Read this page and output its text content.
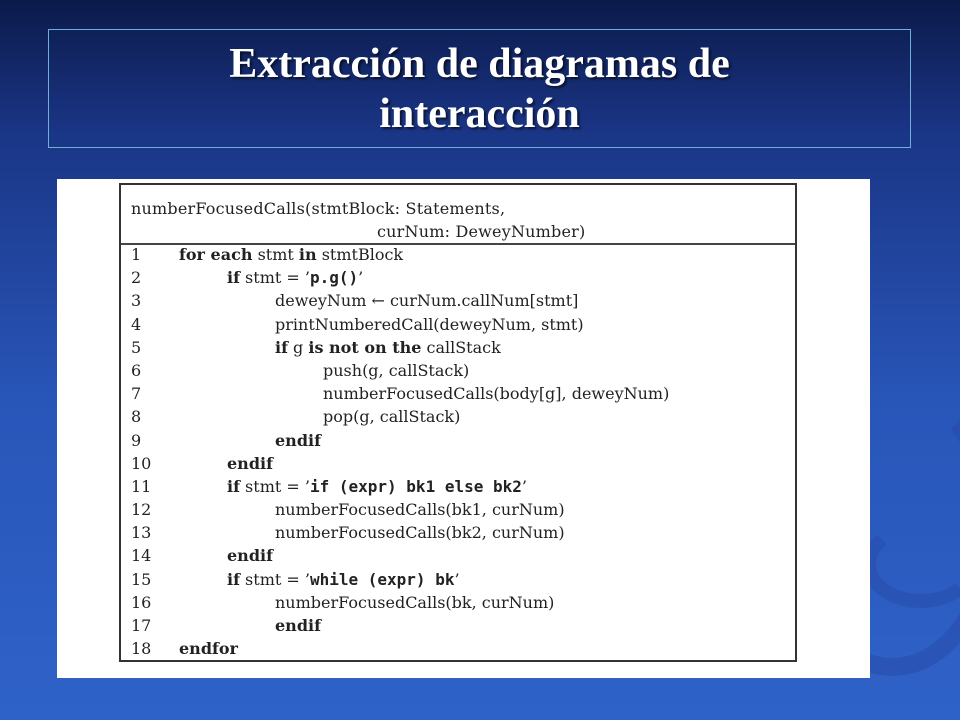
Extracción de diagramas de
interacción
numberFocusedCalls(stmtBlock: Statements,
curNum: DeweyNumber)
1	for each stmt in stmtBlock
2	if stmt = ’p.g()’
3	deweyNum ← curNum.callNum[stmt]
4	printNumberedCall(deweyNum, stmt)
5	if g is not on the callStack
6	push(g, callStack)
7	numberFocusedCalls(body[g], deweyNum)
8	pop(g, callStack)
9	endif
10	endif
11	if stmt = ’if (expr) bk1 else bk2’
12	numberFocusedCalls(bk1, curNum)
13	numberFocusedCalls(bk2, curNum)
14	endif
15	if stmt = ’while (expr) bk’
16	numberFocusedCalls(bk, curNum)
17	endif
18	endfor
